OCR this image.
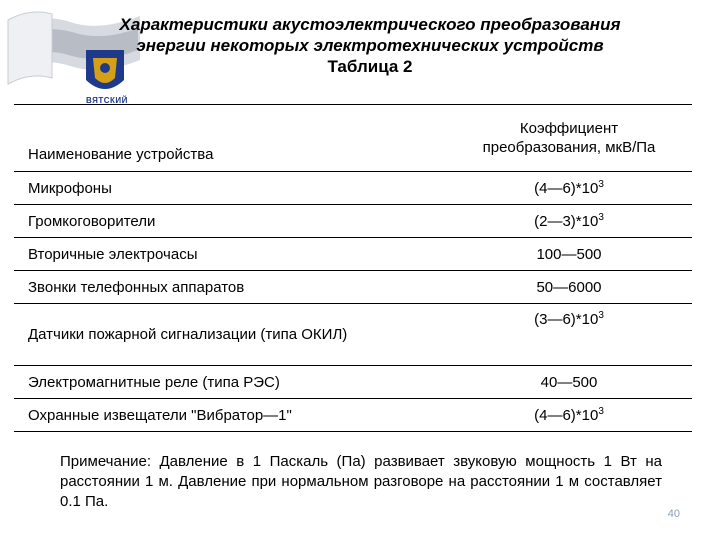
ВЯТСКИЙ
Характеристики акустоэлектрического преобразования
энергии некоторых электротехнических устройств
Таблица 2
Наименование устройства	Коэффициент
преобразования, мкВ/Па
Микрофоны	$(4—6)*10^3$
Громкоговорители	$(2—3)*10^3$
Вторичные электрочасы	100—500
Звонки телефонных аппаратов	50—6000
Датчики пожарной сигнализации (типа ОКИЛ)	$(3—6)*10^3$
Электромагнитные реле (типа РЭС)	40—500
Охранные извещатели "Вибратор—1"	$(4—6)*10^3$
Примечание: Давление в 1 Паскаль (Па) развивает звуковую мощность 1 Вт на расстоянии 1 м. Давление при нормальном разговоре на расстоянии 1 м составляет 0.1 Па.
40
